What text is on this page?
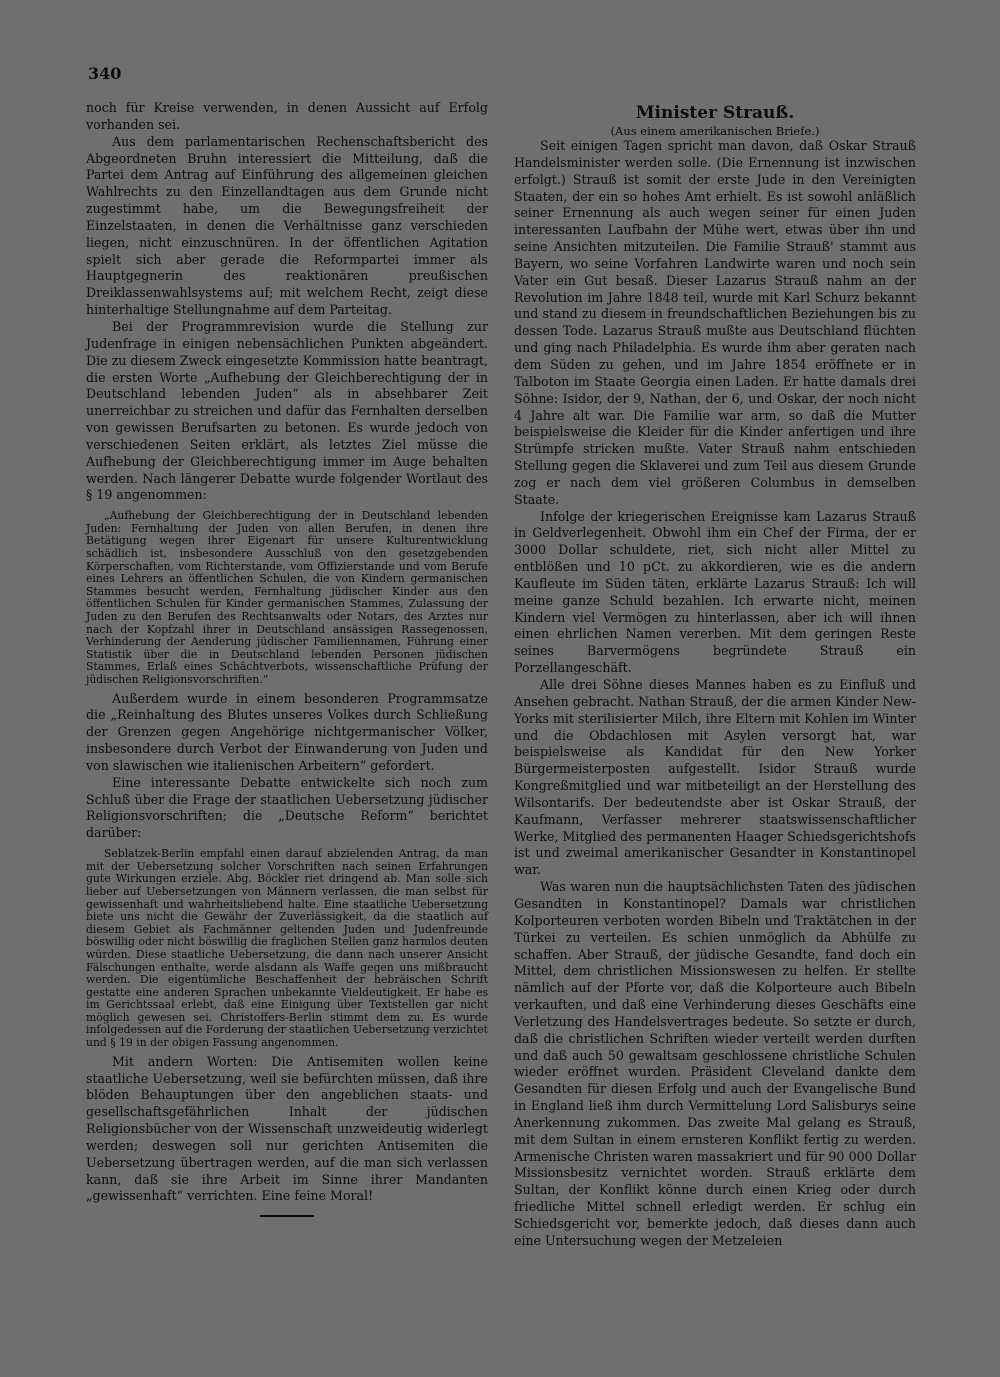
340

noch für Kreise verwenden, in denen Aussicht auf Erfolg vorhanden sei.

Aus dem parlamentarischen Rechenschaftsbericht des Abgeordneten Bruhn interessiert die Mitteilung, daß die Partei dem Antrag auf Einführung des allgemeinen gleichen Wahlrechts zu den Einzellandtagen aus dem Grunde nicht zugestimmt habe, um die Bewegungsfreiheit der Einzelstaaten, in denen die Verhältnisse ganz verschieden liegen, nicht einzuschnüren. In der öffentlichen Agitation spielt sich aber gerade die Reformpartei immer als Hauptgegnerin des reaktionären preußischen Dreiklassenwahlsystems auf; mit welchem Recht, zeigt diese hinterhaltige Stellungnahme auf dem Parteitag.

Bei der Programmrevision wurde die Stellung zur Judenfrage in einigen nebensächlichen Punkten abgeändert. Die zu diesem Zweck eingesetzte Kommission hatte beantragt, die ersten Worte „Aufhebung der Gleichberechtigung der in Deutschland lebenden Juden“ als in absehbarer Zeit unerreichbar zu streichen und dafür das Fernhalten derselben von gewissen Berufsarten zu betonen. Es wurde jedoch von verschiedenen Seiten erklärt, als letztes Ziel müsse die Aufhebung der Gleichberechtigung immer im Auge behalten werden. Nach längerer Debatte wurde folgender Wortlaut des § 19 angenommen:

„Aufhebung der Gleichberechtigung der in Deutschland lebenden Juden: Fernhaltung der Juden von allen Berufen, in denen ihre Betätigung wegen ihrer Eigenart für unsere Kulturentwicklung schädlich ist, insbesondere Ausschluß von den gesetzgebenden Körperschaften, vom Richterstande, vom Offizierstande und vom Berufe eines Lehrers an öffentlichen Schulen, die von Kindern germanischen Stammes besucht werden, Fernhaltung jüdischer Kinder aus den öffentlichen Schulen für Kinder germanischen Stammes, Zulassung der Juden zu den Berufen des Rechtsanwalts oder Notars, des Arztes nur nach der Kopfzahl ihrer in Deutschland ansässigen Rassegenossen, Verhinderung der Aenderung jüdischer Familiennamen, Führung einer Statistik über die in Deutschland lebenden Personen jüdischen Stammes, Erlaß eines Schächtverbots, wissenschaftliche Prüfung der jüdischen Religionsvorschriften.“

Außerdem wurde in einem besonderen Programmsatze die „Reinhaltung des Blutes unseres Volkes durch Schließung der Grenzen gegen Angehörige nichtgermanischer Völker, insbesondere durch Verbot der Einwanderung von Juden und von slawischen wie italienischen Arbeitern“ gefordert.

Eine interessante Debatte entwickelte sich noch zum Schluß über die Frage der staatlichen Uebersetzung jüdischer Religionsvorschriften; die „Deutsche Reform“ berichtet darüber:

Seblatzek-Berlin empfahl einen darauf abzielenden Antrag, da man mit der Uebersetzung solcher Vorschriften nach seinen Erfahrungen gute Wirkungen erziele. Abg. Böckler riet dringend ab. Man solle sich lieber auf Uebersetzungen von Männern verlassen, die man selbst für gewissenhaft und wahrheitsliebend halte. Eine staatliche Uebersetzung biete uns nicht die Gewähr der Zuverlässigkeit, da die staatlich auf diesem Gebiet als Fachmänner geltenden Juden und Judenfreunde böswillig oder nicht böswillig die fraglichen Stellen ganz harmlos deuten würden. Diese staatliche Uebersetzung, die dann nach unserer Ansicht Fälschungen enthalte, werde alsdann als Waffe gegen uns mißbraucht werden. Die eigentümliche Beschaffenheit der hebräischen Schrift gestatte eine anderen Sprachen unbekannte Vieldeutigkeit. Er habe es im Gerichtssaal erlebt, daß eine Einigung über Textstellen gar nicht möglich gewesen sei. Christoffers-Berlin stimmt dem zu. Es wurde infolgedessen auf die Forderung der staatlichen Uebersetzung verzichtet und § 19 in der obigen Fassung angenommen.

Mit andern Worten: Die Antisemiten wollen keine staatliche Uebersetzung, weil sie befürchten müssen, daß ihre blöden Behauptungen über den angeblichen staats- und gesellschaftsgefährlichen Inhalt der jüdischen Religionsbücher von der Wissenschaft unzweideutig widerlegt werden; deswegen soll nur gerichten Antisemiten die Uebersetzung übertragen werden, auf die man sich verlassen kann, daß sie ihre Arbeit im Sinne ihrer Mandanten „gewissenhaft“ verrichten. Eine feine Moral!

Minister Strauß.

(Aus einem amerikanischen Briefe.)

Seit einigen Tagen spricht man davon, daß Oskar Strauß Handelsminister werden solle. (Die Ernennung ist inzwischen erfolgt.) Strauß ist somit der erste Jude in den Vereinigten Staaten, der ein so hohes Amt erhielt. Es ist sowohl anläßlich seiner Ernennung als auch wegen seiner für einen Juden interessanten Laufbahn der Mühe wert, etwas über ihn und seine Ansichten mitzuteilen. Die Familie Strauß' stammt aus Bayern, wo seine Vorfahren Landwirte waren und noch sein Vater ein Gut besaß. Dieser Lazarus Strauß nahm an der Revolution im Jahre 1848 teil, wurde mit Karl Schurz bekannt und stand zu diesem in freundschaftlichen Beziehungen bis zu dessen Tode. Lazarus Strauß mußte aus Deutschland flüchten und ging nach Philadelphia. Es wurde ihm aber geraten nach dem Süden zu gehen, und im Jahre 1854 eröffnete er in Talboton im Staate Georgia einen Laden. Er hatte damals drei Söhne: Isidor, der 9, Nathan, der 6, und Oskar, der noch nicht 4 Jahre alt war. Die Familie war arm, so daß die Mutter beispielsweise die Kleider für die Kinder anfertigen und ihre Strümpfe stricken mußte. Vater Strauß nahm entschieden Stellung gegen die Sklaverei und zum Teil aus diesem Grunde zog er nach dem viel größeren Columbus in demselben Staate.

Infolge der kriegerischen Ereignisse kam Lazarus Strauß in Geldverlegenheit. Obwohl ihm ein Chef der Firma, der er 3000 Dollar schuldete, riet, sich nicht aller Mittel zu entblößen und 10 pCt. zu akkordieren, wie es die andern Kaufleute im Süden täten, erklärte Lazarus Strauß: Ich will meine ganze Schuld bezahlen. Ich erwarte nicht, meinen Kindern viel Vermögen zu hinterlassen, aber ich will ihnen einen ehrlichen Namen vererben. Mit dem geringen Reste seines Barvermögens begründete Strauß ein Porzellangeschäft.

Alle drei Söhne dieses Mannes haben es zu Einfluß und Ansehen gebracht. Nathan Strauß, der die armen Kinder New-Yorks mit sterilisierter Milch, ihre Eltern mit Kohlen im Winter und die Obdachlosen mit Asylen versorgt hat, war beispielsweise als Kandidat für den New Yorker Bürgermeisterposten aufgestellt. Isidor Strauß wurde Kongreßmitglied und war mitbeteiligt an der Herstellung des Wilsontarifs. Der bedeutendste aber ist Oskar Strauß, der Kaufmann, Verfasser mehrerer staatswissenschaftlicher Werke, Mitglied des permanenten Haager Schiedsgerichtshofs ist und zweimal amerikanischer Gesandter in Konstantinopel war.

Was waren nun die hauptsächlichsten Taten des jüdischen Gesandten in Konstantinopel? Damals war christlichen Kolporteuren verboten worden Bibeln und Traktätchen in der Türkei zu verteilen. Es schien unmöglich da Abhülfe zu schaffen. Aber Strauß, der jüdische Gesandte, fand doch ein Mittel, dem christlichen Missionswesen zu helfen. Er stellte nämlich auf der Pforte vor, daß die Kolporteure auch Bibeln verkauften, und daß eine Verhinderung dieses Geschäfts eine Verletzung des Handelsvertrages bedeute. So setzte er durch, daß die christlichen Schriften wieder verteilt werden durften und daß auch 50 gewaltsam geschlossene christliche Schulen wieder eröffnet wurden. Präsident Cleveland dankte dem Gesandten für diesen Erfolg und auch der Evangelische Bund in England ließ ihm durch Vermittelung Lord Salisburys seine Anerkennung zukommen. Das zweite Mal gelang es Strauß, mit dem Sultan in einem ernsteren Konflikt fertig zu werden. Armenische Christen waren massakriert und für 90 000 Dollar Missionsbesitz vernichtet worden. Strauß erklärte dem Sultan, der Konflikt könne durch einen Krieg oder durch friedliche Mittel schnell erledigt werden. Er schlug ein Schiedsgericht vor, bemerkte jedoch, daß dieses dann auch eine Untersuchung wegen der Metzeleien
